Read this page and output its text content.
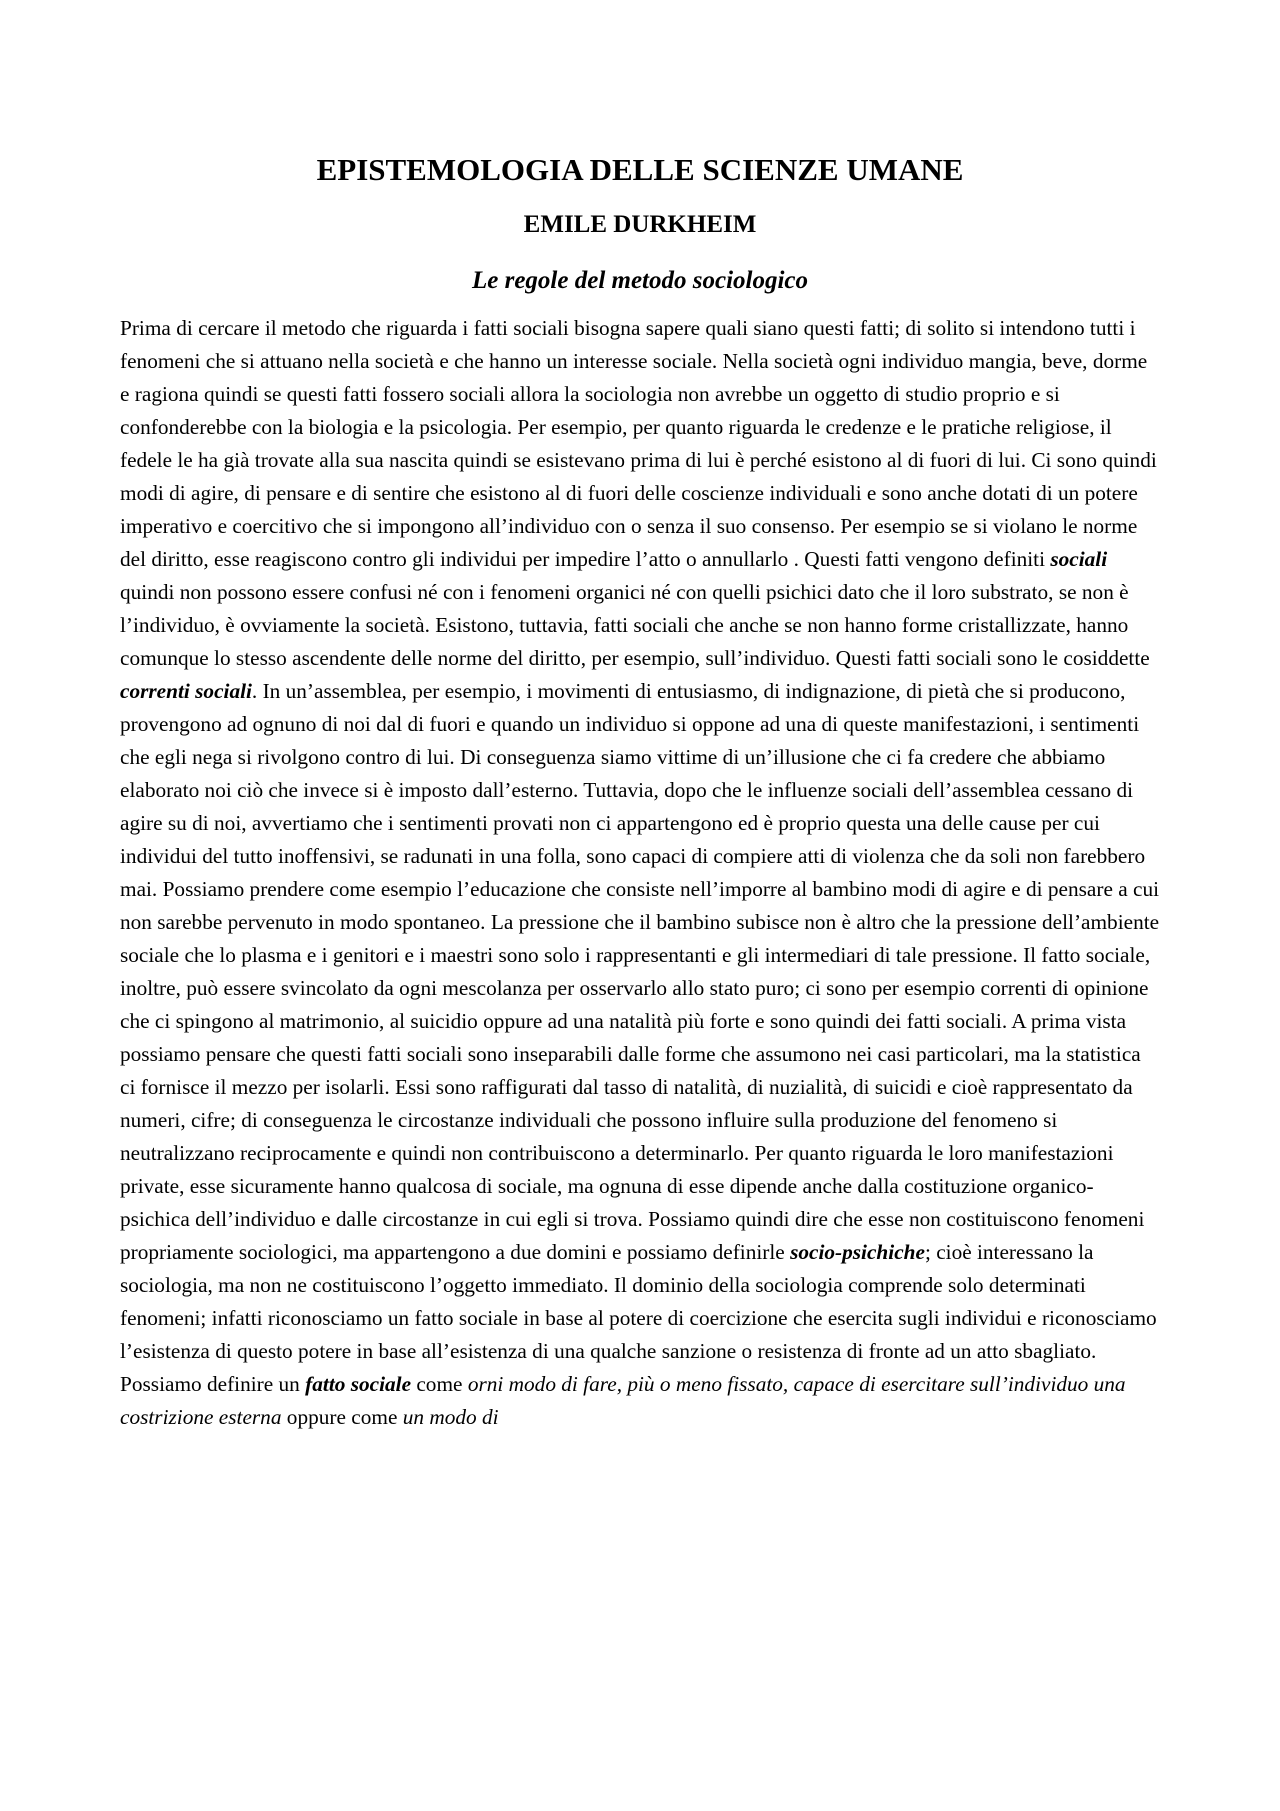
EPISTEMOLOGIA DELLE SCIENZE UMANE
EMILE DURKHEIM
Le regole del metodo sociologico

Prima di cercare il metodo che riguarda i fatti sociali bisogna sapere quali siano questi fatti; di solito si intendono tutti i fenomeni che si attuano nella società e che hanno un interesse sociale. Nella società ogni individuo mangia, beve, dorme e ragiona quindi se questi fatti fossero sociali allora la sociologia non avrebbe un oggetto di studio proprio e si confonderebbe con la biologia e la psicologia. Per esempio, per quanto riguarda le credenze e le pratiche religiose, il fedele le ha già trovate alla sua nascita quindi se esistevano prima di lui è perché esistono al di fuori di lui. Ci sono quindi modi di agire, di pensare e di sentire che esistono al di fuori delle coscienze individuali e sono anche dotati di un potere imperativo e coercitivo che si impongono all’individuo con o senza il suo consenso. Per esempio se si violano le norme del diritto, esse reagiscono contro gli individui per impedire l’atto o annullarlo . Questi fatti vengono definiti sociali quindi non possono essere confusi né con i fenomeni organici né con quelli psichici dato che il loro substrato, se non è l’individuo, è ovviamente la società. Esistono, tuttavia, fatti sociali che anche se non hanno forme cristallizzate, hanno comunque lo stesso ascendente delle norme del diritto, per esempio, sull’individuo. Questi fatti sociali sono le cosiddette correnti sociali. In un’assemblea, per esempio, i movimenti di entusiasmo, di indignazione, di pietà che si producono, provengono ad ognuno di noi dal di fuori e quando un individuo si oppone ad una di queste manifestazioni, i sentimenti che egli nega si rivolgono contro di lui. Di conseguenza siamo vittime di un’illusione che ci fa credere che abbiamo elaborato noi ciò che invece si è imposto dall’esterno. Tuttavia, dopo che le influenze sociali dell’assemblea cessano di agire su di noi, avvertiamo che i sentimenti provati non ci appartengono ed è proprio questa una delle cause per cui individui del tutto inoffensivi, se radunati in una folla, sono capaci di compiere atti di violenza che da soli non farebbero mai. Possiamo prendere come esempio l’educazione che consiste nell’imporre al bambino modi di agire e di pensare a cui non sarebbe pervenuto in modo spontaneo. La pressione che il bambino subisce non è altro che la pressione dell’ambiente sociale che lo plasma e i genitori e i maestri sono solo i rappresentanti e gli intermediari di tale pressione. Il fatto sociale, inoltre, può essere svincolato da ogni mescolanza per osservarlo allo stato puro; ci sono per esempio correnti di opinione che ci spingono al matrimonio, al suicidio oppure ad una natalità più forte e sono quindi dei fatti sociali. A prima vista possiamo pensare che questi fatti sociali sono inseparabili dalle forme che assumono nei casi particolari, ma la statistica ci fornisce il mezzo per isolarli. Essi sono raffigurati dal tasso di natalità, di nuzialità, di suicidi e cioè rappresentato da numeri, cifre; di conseguenza le circostanze individuali che possono influire sulla produzione del fenomeno si neutralizzano reciprocamente e quindi non contribuiscono a determinarlo. Per quanto riguarda le loro manifestazioni private, esse sicuramente hanno qualcosa di sociale, ma ognuna di esse dipende anche dalla costituzione organico-psichica dell’individuo e dalle circostanze in cui egli si trova. Possiamo quindi dire che esse non costituiscono fenomeni propriamente sociologici, ma appartengono a due domini e possiamo definirle socio-psichiche; cioè interessano la sociologia, ma non ne costituiscono l’oggetto immediato. Il dominio della sociologia comprende solo determinati fenomeni; infatti riconosciamo un fatto sociale in base al potere di coercizione che esercita sugli individui e riconosciamo l’esistenza di questo potere in base all’esistenza di una qualche sanzione o resistenza di fronte ad un atto sbagliato. Possiamo definire un fatto sociale come orni modo di fare, più o meno fissato, capace di esercitare sull’individuo una costrizione esterna oppure come un modo di
